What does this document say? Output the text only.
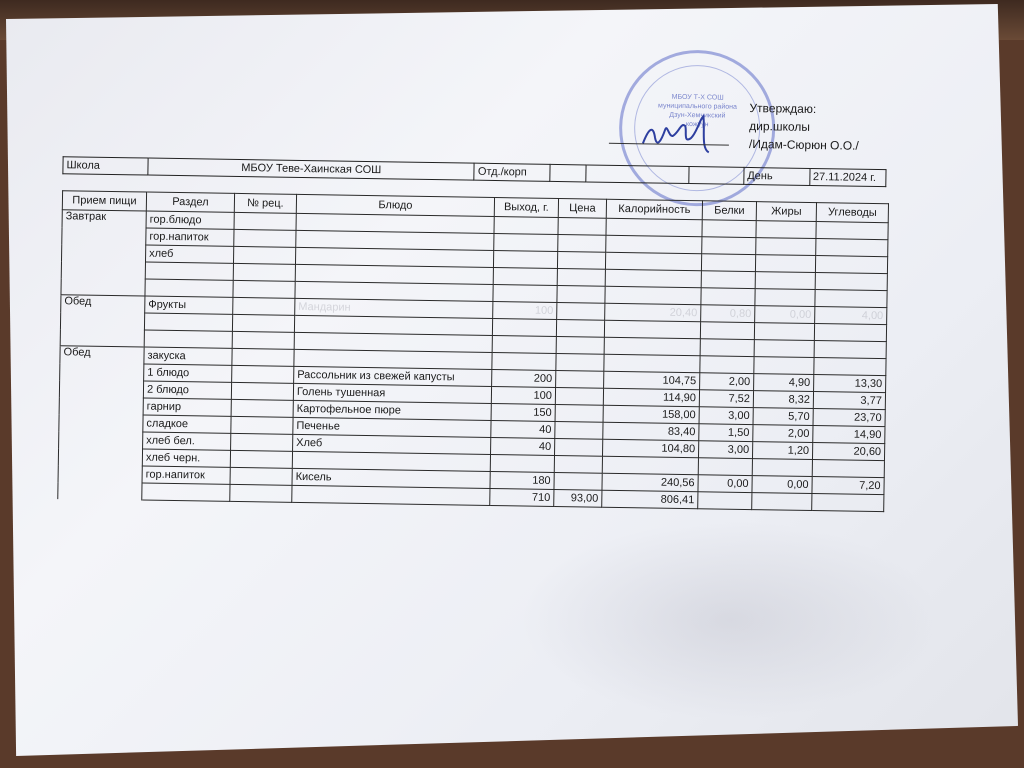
МБОУ Т-Х СОШ
муниципального района
Дзун-Хемчикский
кожуун
Утверждаю:
дир.школы
/Идам-Сюрюн О.О./
Школа	МБОУ Теве-Хаинская СОШ	Отд./корп				День	27.11.2024 г.
Прием пищи	Раздел	№ рец.	Блюдо	Выход, г.	Цена	Калорийность	Белки	Жиры	Углеводы
Завтрак	гор.блюдо								
	гор.напиток								
	хлеб								

Обед	Фрукты		Мандарин	100		20,40	0,80	0,00	4,00

Обед	закуска								
	1 блюдо		Рассольник из свежей капусты	200		104,75	2,00	4,90	13,30
	2 блюдо		Голень тушенная	100		114,90	7,52	8,32	3,77
	гарнир		Картофельное пюре	150		158,00	3,00	5,70	23,70
	сладкое		Печенье	40		83,40	1,50	2,00	14,90
	хлеб бел.		Хлеб	40		104,80	3,00	1,20	20,60
	хлеб черн.								
	гор.напиток		Кисель	180		240,56	0,00	0,00	7,20
				710	93,00	806,41			
